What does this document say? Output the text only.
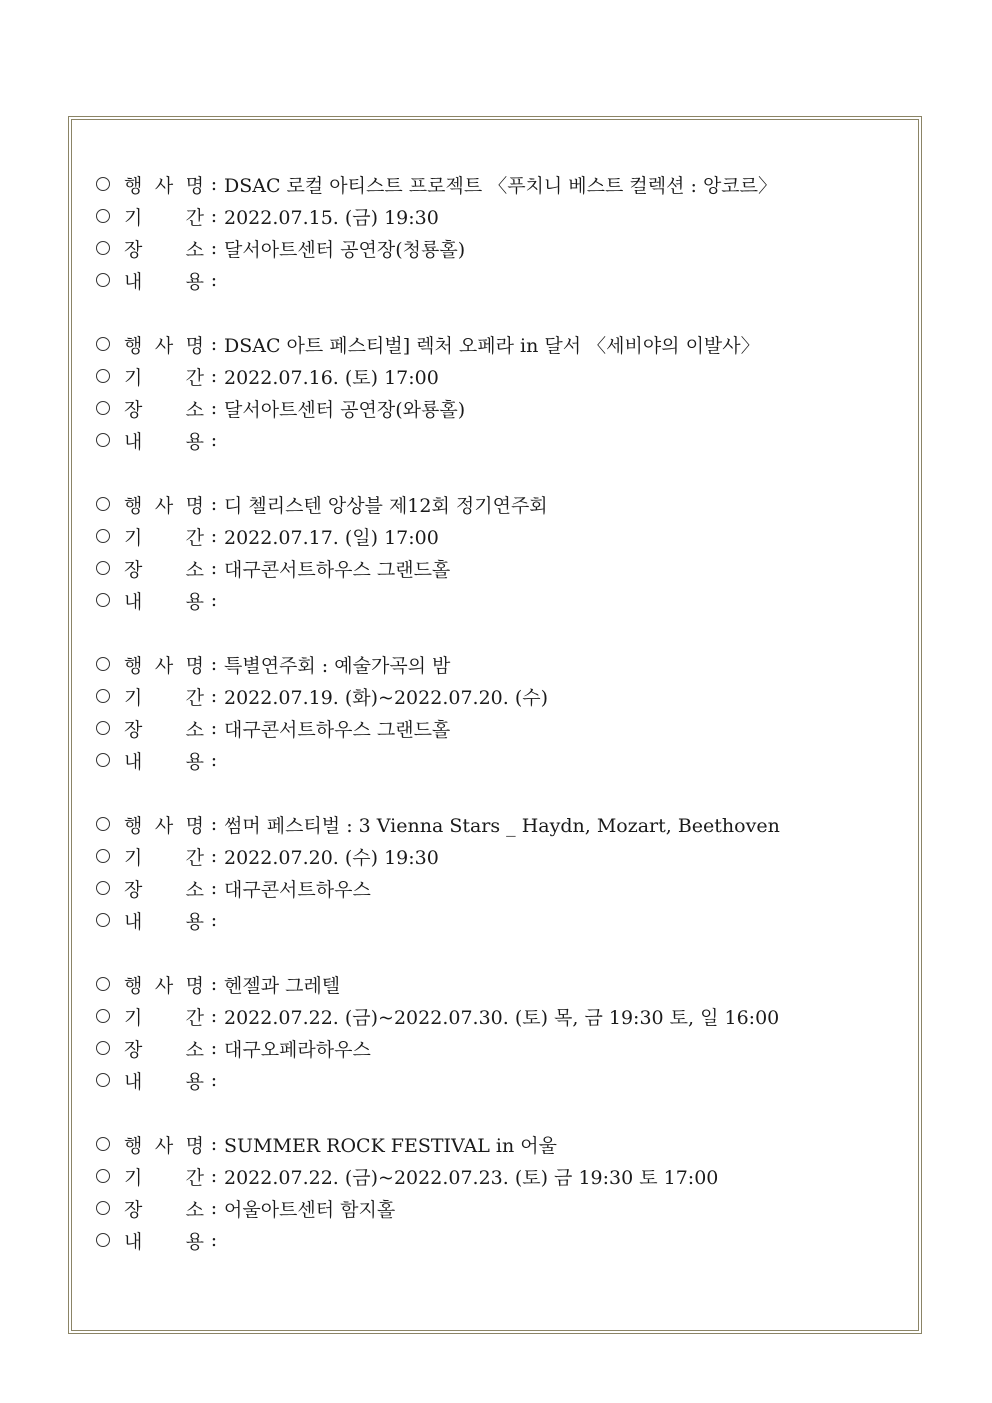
행 사 명 : DSAC 로컬 아티스트 프로젝트 〈푸치니 베스트 컬렉션 : 앙코르〉
기 간 : 2022.07.15. (금) 19:30
장 소 : 달서아트센터 공연장(청룡홀)
내 용 :
행 사 명 : DSAC 아트 페스티벌] 렉처 오페라 in 달서 〈세비야의 이발사〉
기 간 : 2022.07.16. (토) 17:00
장 소 : 달서아트센터 공연장(와룡홀)
내 용 :
행 사 명 : 디 첼리스텐 앙상블 제12회 정기연주회
기 간 : 2022.07.17. (일) 17:00
장 소 : 대구콘서트하우스 그랜드홀
내 용 :
행 사 명 : 특별연주회 : 예술가곡의 밤
기 간 : 2022.07.19. (화)~2022.07.20. (수)
장 소 : 대구콘서트하우스 그랜드홀
내 용 :
행 사 명 : 썸머 페스티벌 : 3 Vienna Stars _ Haydn, Mozart, Beethoven
기 간 : 2022.07.20. (수) 19:30
장 소 : 대구콘서트하우스
내 용 :
행 사 명 : 헨젤과 그레텔
기 간 : 2022.07.22. (금)~2022.07.30. (토) 목, 금 19:30 토, 일 16:00
장 소 : 대구오페라하우스
내 용 :
행 사 명 : SUMMER ROCK FESTIVAL in 어울
기 간 : 2022.07.22. (금)~2022.07.23. (토) 금 19:30 토 17:00
장 소 : 어울아트센터 함지홀
내 용 :
